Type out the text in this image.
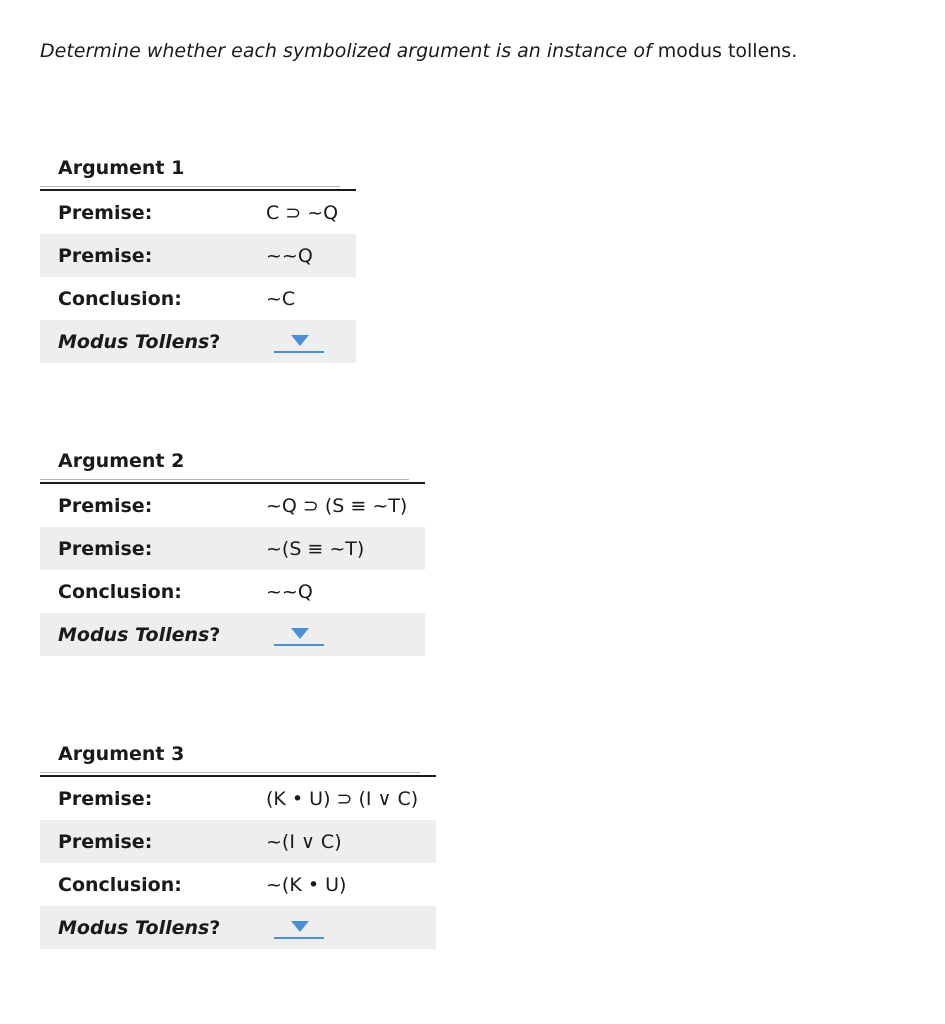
Determine whether each symbolized argument is an instance of modus tollens.
Argument 1
Premise:	C ⊃ ~Q
Premise:	~~Q
Conclusion:	~C
Modus Tollens?	
Argument 2
Premise:	~Q ⊃ (S ≡ ~T)
Premise:	~(S ≡ ~T)
Conclusion:	~~Q
Modus Tollens?	
Argument 3
Premise:	(K • U) ⊃ (I ∨ C)
Premise:	~(I ∨ C)
Conclusion:	~(K • U)
Modus Tollens?	
